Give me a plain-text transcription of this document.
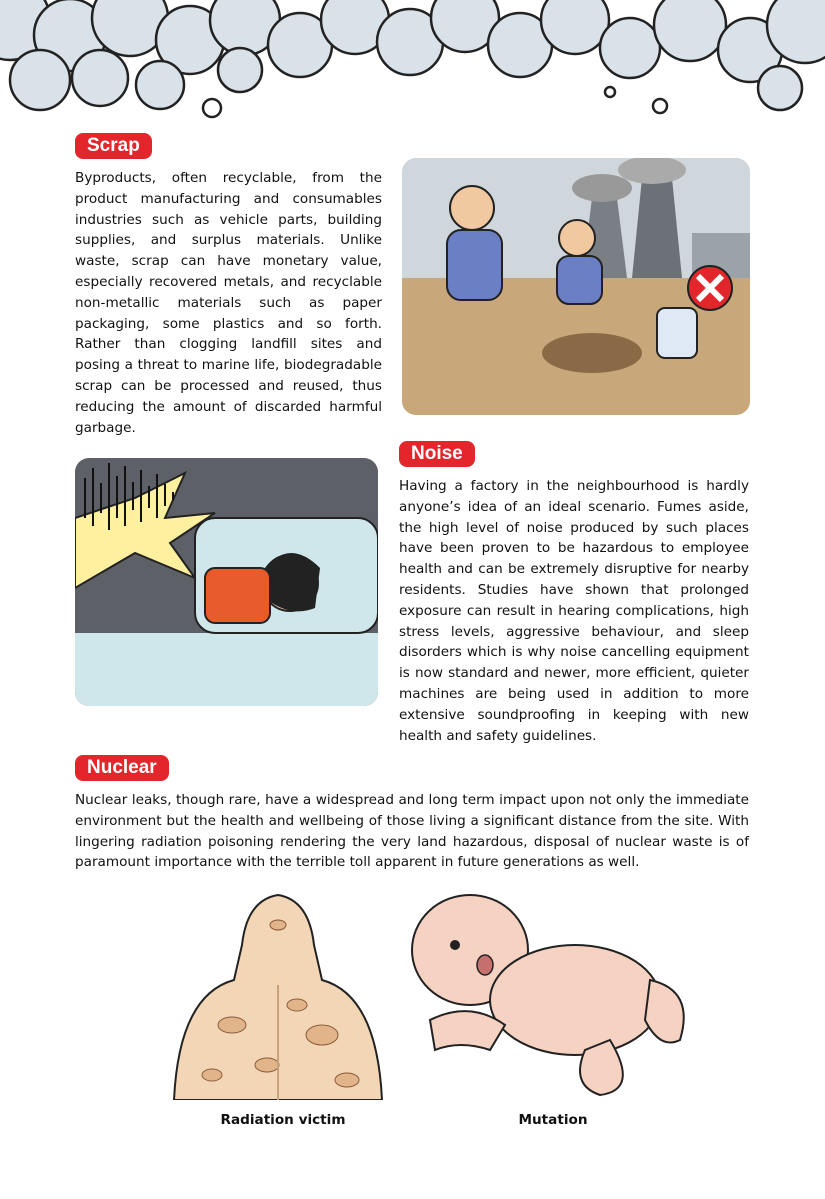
Scrap

Byproducts, often recyclable, from the product manufacturing and consumables industries such as vehicle parts, building supplies, and surplus materials. Unlike waste, scrap can have monetary value, especially recovered metals, and recyclable non-metallic materials such as paper packaging, some plastics and so forth. Rather than clogging landfill sites and posing a threat to marine life, biodegradable scrap can be processed and reused, thus reducing the amount of discarded harmful garbage.

Noise

Having a factory in the neighbourhood is hardly anyone’s idea of an ideal scenario. Fumes aside, the high level of noise produced by such places have been proven to be hazardous to employee health and can be extremely disruptive for nearby residents. Studies have shown that prolonged exposure can result in hearing complications, high stress levels, aggressive behaviour, and sleep disorders which is why noise cancelling equipment is now standard and newer, more efficient, quieter machines are being used in addition to more extensive soundproofing in keeping with new health and safety guidelines.

Nuclear

Nuclear leaks, though rare, have a widespread and long term impact upon not only the immediate environment but the health and wellbeing of those living a significant distance from the site. With lingering radiation poisoning rendering the very land hazardous, disposal of nuclear waste is of paramount importance with the terrible toll apparent in future generations as well.

Radiation victim	Mutation
